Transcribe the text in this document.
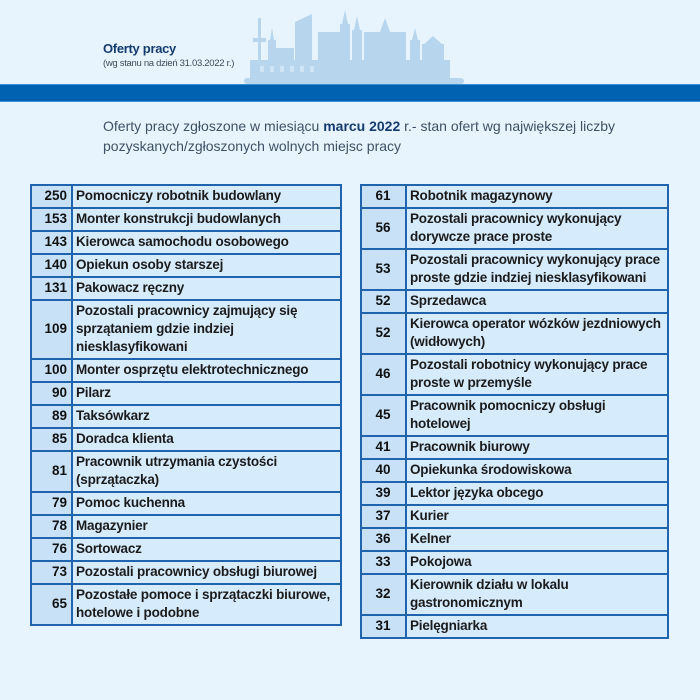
Oferty pracy
(wg stanu na dzień 31.03.2022 r.)
Oferty pracy zgłoszone w miesiącu marcu 2022 r.- stan ofert wg największej liczby pozyskanych/zgłoszonych wolnych miejsc pracy
250	Pomocniczy robotnik budowlany
153	Monter konstrukcji budowlanych
143	Kierowca samochodu osobowego
140	Opiekun osoby starszej
131	Pakowacz ręczny
109	Pozostali pracownicy zajmujący się sprzątaniem gdzie indziej niesklasyfikowani
100	Monter osprzętu elektrotechnicznego
90	Pilarz
89	Taksówkarz
85	Doradca klienta
81	Pracownik utrzymania czystości (sprzątaczka)
79	Pomoc kuchenna
78	Magazynier
76	Sortowacz
73	Pozostali pracownicy obsługi biurowej
65	Pozostałe pomoce i sprzątaczki biurowe, hotelowe i podobne
61	Robotnik magazynowy
56	Pozostali pracownicy wykonujący dorywcze prace proste
53	Pozostali pracownicy wykonujący prace proste gdzie indziej niesklasyfikowani
52	Sprzedawca
52	Kierowca operator wózków jezdniowych (widłowych)
46	Pozostali robotnicy wykonujący prace proste w przemyśle
45	Pracownik pomocniczy obsługi hotelowej
41	Pracownik biurowy
40	Opiekunka środowiskowa
39	Lektor języka obcego
37	Kurier
36	Kelner
33	Pokojowa
32	Kierownik działu w lokalu gastronomicznym
31	Pielęgniarka
